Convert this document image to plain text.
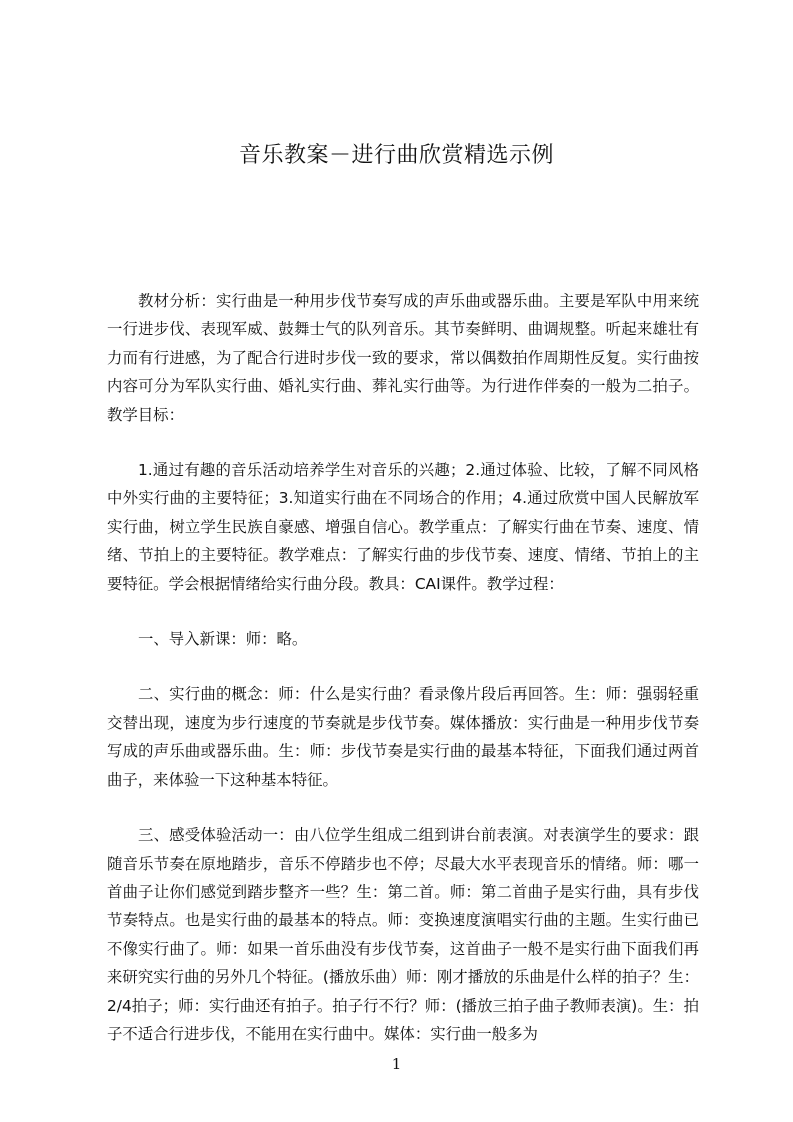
音乐教案－进行曲欣赏精选示例

教材分析：实行曲是一种用步伐节奏写成的声乐曲或器乐曲。主要是军队中用来统一行进步伐、表现军威、鼓舞士气的队列音乐。其节奏鲜明、曲调规整。听起来雄壮有力而有行进感，为了配合行进时步伐一致的要求，常以偶数拍作周期性反复。实行曲按内容可分为军队实行曲、婚礼实行曲、葬礼实行曲等。为行进作伴奏的一般为二拍子。教学目标：

1.通过有趣的音乐活动培养学生对音乐的兴趣；2.通过体验、比较，了解不同风格中外实行曲的主要特征；3.知道实行曲在不同场合的作用；4.通过欣赏中国人民解放军实行曲，树立学生民族自豪感、增强自信心。教学重点：了解实行曲在节奏、速度、情绪、节拍上的主要特征。教学难点：了解实行曲的步伐节奏、速度、情绪、节拍上的主要特征。学会根据情绪给实行曲分段。教具：CAI课件。教学过程：

一、导入新课：师：略。

二、实行曲的概念：师：什么是实行曲？看录像片段后再回答。生：师：强弱轻重交替出现，速度为步行速度的节奏就是步伐节奏。媒体播放：实行曲是一种用步伐节奏写成的声乐曲或器乐曲。生：师：步伐节奏是实行曲的最基本特征，下面我们通过两首曲子，来体验一下这种基本特征。

三、感受体验活动一：由八位学生组成二组到讲台前表演。对表演学生的要求：跟随音乐节奏在原地踏步，音乐不停踏步也不停；尽最大水平表现音乐的情绪。师：哪一首曲子让你们感觉到踏步整齐一些？生：第二首。师：第二首曲子是实行曲，具有步伐节奏特点。也是实行曲的最基本的特点。师：变换速度演唱实行曲的主题。生实行曲已不像实行曲了。师：如果一首乐曲没有步伐节奏，这首曲子一般不是实行曲下面我们再来研究实行曲的另外几个特征。(播放乐曲）师：刚才播放的乐曲是什么样的拍子？生：2/4拍子；师：实行曲还有拍子。拍子行不行？师：(播放三拍子曲子教师表演)。生：拍子不适合行进步伐，不能用在实行曲中。媒体：实行曲一般多为

1
